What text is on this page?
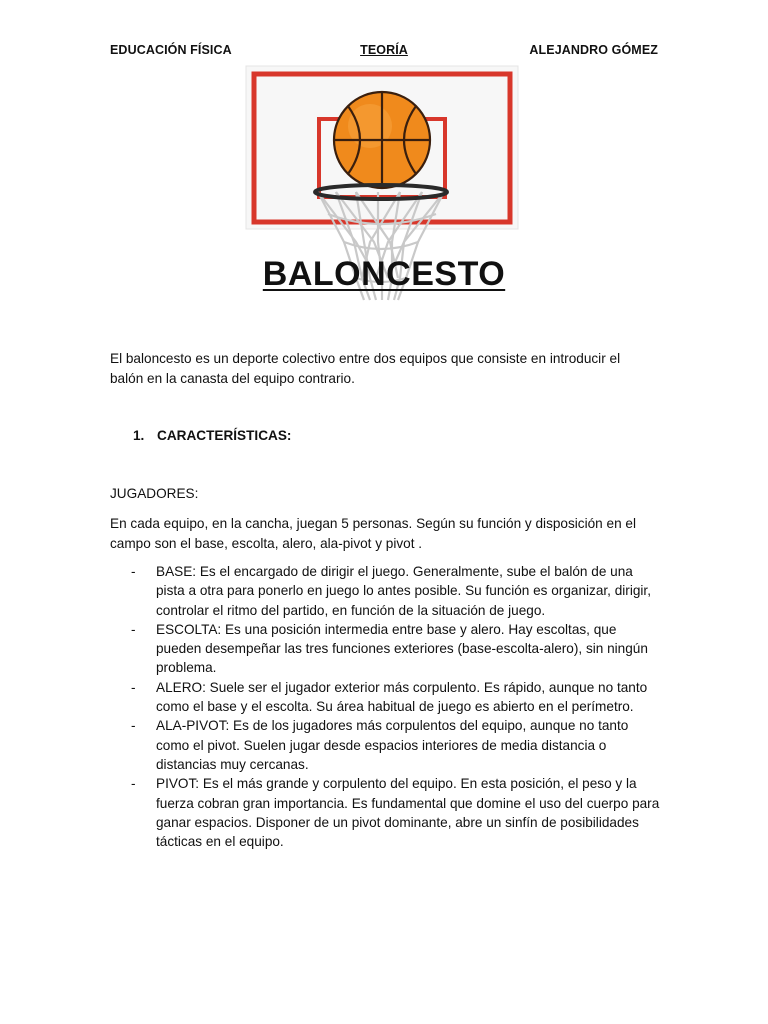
EDUCACIÓN FÍSICA	TEORÍA	ALEJANDRO GÓMEZ
BALONCESTO

El baloncesto es un deporte colectivo entre dos equipos que consiste en introducir el balón en la canasta del equipo contrario.

1. CARACTERÍSTICAS:
JUGADORES:

En cada equipo, en la cancha, juegan 5 personas. Según su función y disposición en el campo son el base, escolta, alero, ala-pivot y pivot .

- BASE: Es el encargado de dirigir el juego. Generalmente, sube el balón de una pista a otra para ponerlo en juego lo antes posible. Su función es organizar, dirigir, controlar el ritmo del partido, en función de la situación de juego.
- ESCOLTA: Es una posición intermedia entre base y alero. Hay escoltas, que pueden desempeñar las tres funciones exteriores (base-escolta-alero), sin ningún problema.
- ALERO: Suele ser el jugador exterior más corpulento. Es rápido, aunque no tanto como el base y el escolta. Su área habitual de juego es abierto en el perímetro.
- ALA-PIVOT: Es de los jugadores más corpulentos del equipo, aunque no tanto como el pivot. Suelen jugar desde espacios interiores de media distancia o distancias muy cercanas.
- PIVOT: Es el más grande y corpulento del equipo. En esta posición, el peso y la fuerza cobran gran importancia. Es fundamental que domine el uso del cuerpo para ganar espacios. Disponer de un pivot dominante, abre un sinfín de posibilidades tácticas en el equipo.
